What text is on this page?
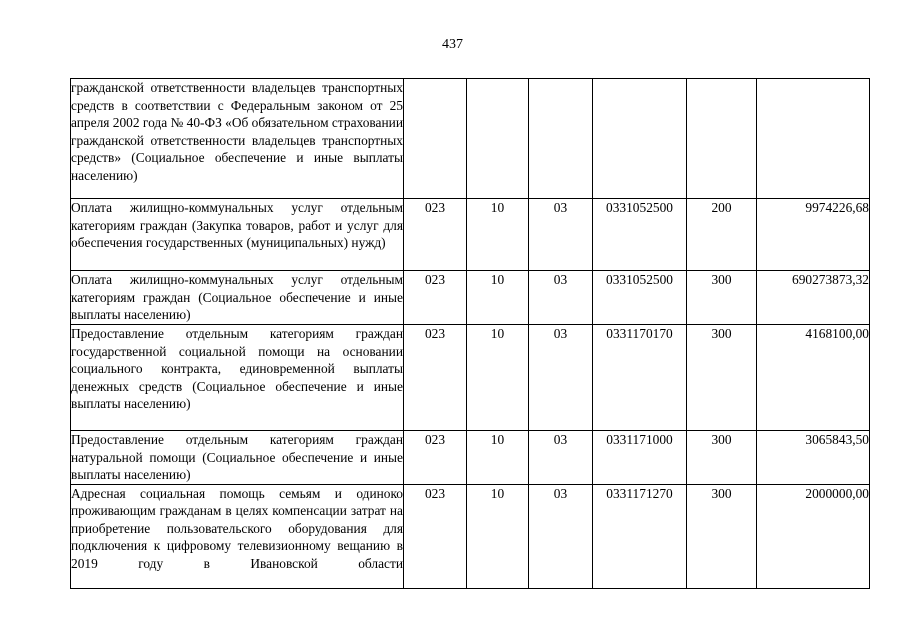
437
гражданской ответственности владельцев транспортных средств в соответствии с Федеральным законом от 25 апреля 2002 года № 40-ФЗ «Об обязательном страховании гражданской ответственности владельцев транспортных средств» (Социальное обеспечение и иные выплаты населению)						
Оплата жилищно-коммунальных услуг отдельным категориям граждан (Закупка товаров, работ и услуг для обеспечения государственных (муниципальных) нужд)	023	10	03	0331052500	200	9974226,68
Оплата жилищно-коммунальных услуг отдельным категориям граждан (Социальное обеспечение и иные выплаты населению)	023	10	03	0331052500	300	690273873,32
Предоставление отдельным категориям граждан государственной социальной помощи на основании социального контракта, единовременной выплаты денежных средств (Социальное обеспечение и иные выплаты населению)	023	10	03	0331170170	300	4168100,00
Предоставление отдельным категориям граждан натуральной помощи (Социальное обеспечение и иные выплаты населению)	023	10	03	0331171000	300	3065843,50

Адресная социальная помощь семьям и одиноко проживающим гражданам в целях компенсации затрат на приобретение пользовательского оборудования для подключения к цифровому телевизионному вещанию в 2019 году в Ивановской области	023	10	03	0331171270	300	2000000,00
